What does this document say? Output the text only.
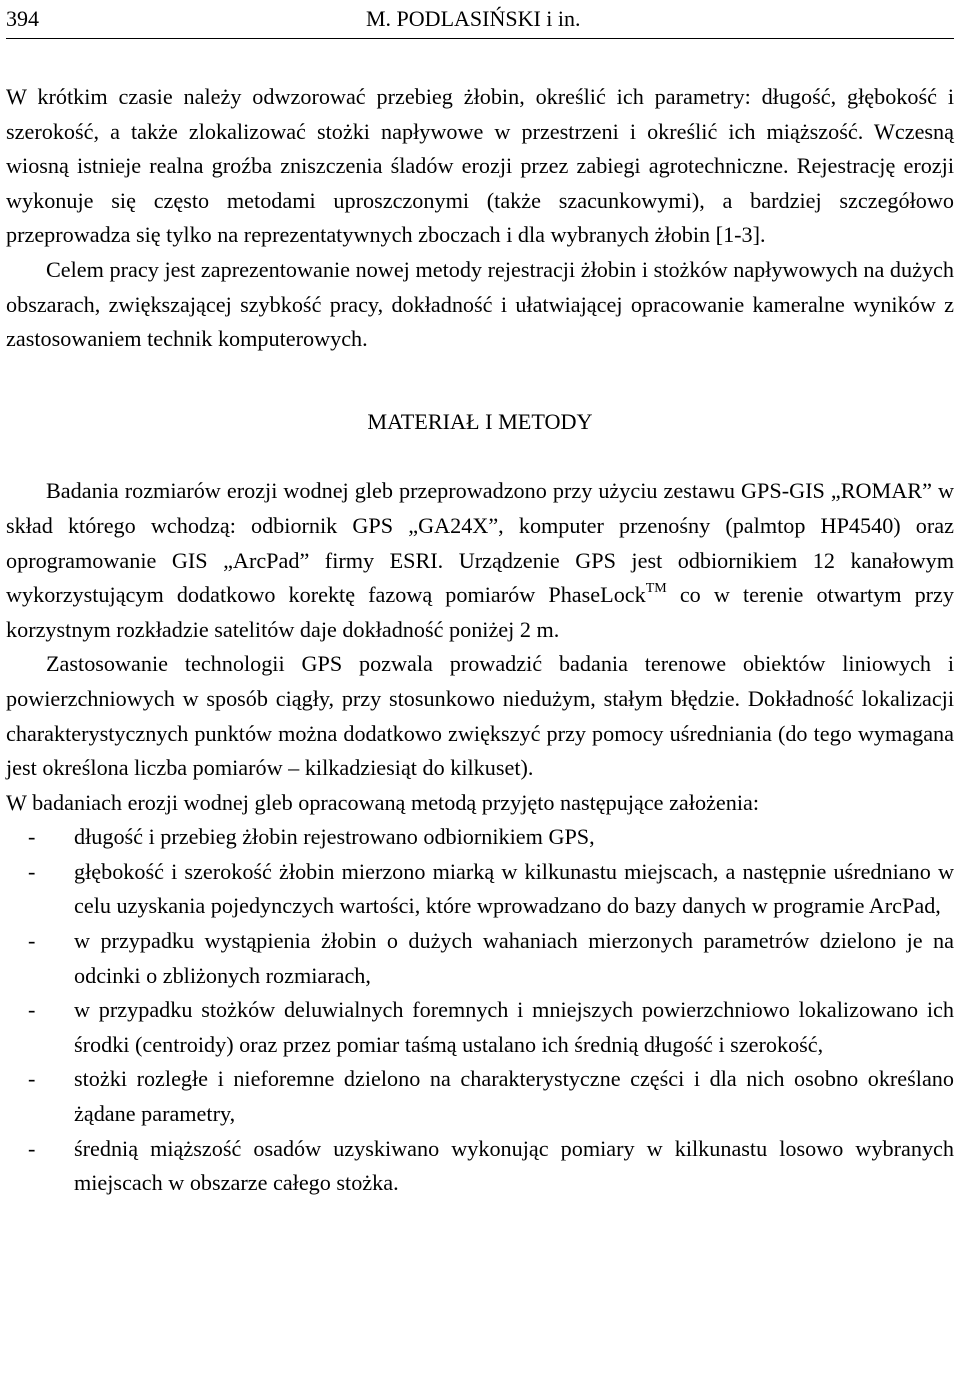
394	M. PODLASIŃSKI i in.

W krótkim czasie należy odwzorować przebieg żłobin, określić ich parametry: długość, głębokość i szerokość, a także zlokalizować stożki napływowe w przestrzeni i określić ich miąższość. Wczesną wiosną istnieje realna groźba zniszczenia śladów erozji przez zabiegi agrotechniczne. Rejestrację erozji wykonuje się często metodami uproszczonymi (także szacunkowymi), a bardziej szczegółowo przeprowadza się tylko na reprezentatywnych zboczach i dla wybranych żłobin [1-3].

Celem pracy jest zaprezentowanie nowej metody rejestracji żłobin i stożków napływowych na dużych obszarach, zwiększającej szybkość pracy, dokładność i ułatwiającej opracowanie kameralne wyników z zastosowaniem technik komputerowych.

MATERIAŁ I METODY

Badania rozmiarów erozji wodnej gleb przeprowadzono przy użyciu zestawu GPS-GIS „ROMAR” w skład którego wchodzą: odbiornik GPS „GA24X”, komputer przenośny (palmtop HP4540) oraz oprogramowanie GIS „ArcPad” firmy ESRI. Urządzenie GPS jest odbiornikiem 12 kanałowym wykorzystującym dodatkowo korektę fazową pomiarów PhaseLock™ co w terenie otwartym przy korzystnym rozkładzie satelitów daje dokładność poniżej 2 m.

Zastosowanie technologii GPS pozwala prowadzić badania terenowe obiektów liniowych i powierzchniowych w sposób ciągły, przy stosunkowo niedużym, stałym błędzie. Dokładność lokalizacji charakterystycznych punktów można dodatkowo zwiększyć przy pomocy uśredniania (do tego wymagana jest określona liczba pomiarów – kilkadziesiąt do kilkuset).

W badaniach erozji wodnej gleb opracowaną metodą przyjęto następujące założenia:

- długość i przebieg żłobin rejestrowano odbiornikiem GPS,
- głębokość i szerokość żłobin mierzono miarką w kilkunastu miejscach, a następnie uśredniano w celu uzyskania pojedynczych wartości, które wprowadzano do bazy danych w programie ArcPad,
- w przypadku wystąpienia żłobin o dużych wahaniach mierzonych parametrów dzielono je na odcinki o zbliżonych rozmiarach,
- w przypadku stożków deluwialnych foremnych i mniejszych powierzchniowo lokalizowano ich środki (centroidy) oraz przez pomiar taśmą ustalano ich średnią długość i szerokość,
- stożki rozległe i nieforemne dzielono na charakterystyczne części i dla nich osobno określano żądane parametry,
- średnią miąższość osadów uzyskiwano wykonując pomiary w kilkunastu losowo wybranych miejscach w obszarze całego stożka.
